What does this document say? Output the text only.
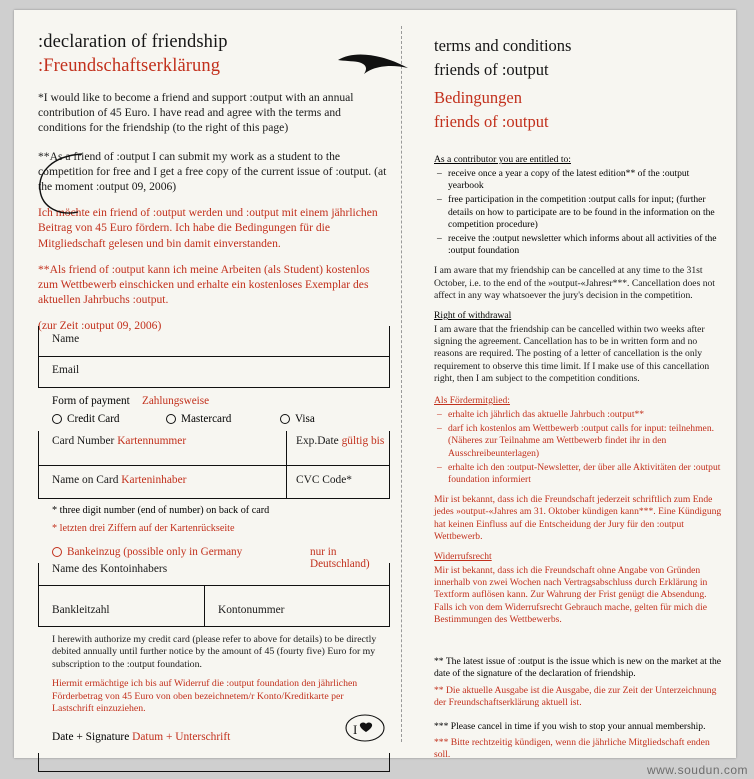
:declaration of friendship
:Freundschaftserklärung
*I would like to become a friend and support :output with an annual contribution of 45 Euro. I have read and agree with the terms and conditions for the friendship (to the right of this page)
**As a friend of :output I can submit my work as a student to the competition for free and I get a free copy of the current issue of :output. (at the moment :output 09, 2006)
Ich möchte ein friend of :output werden und :output mit einem jährlichen Beitrag von 45 Euro fördern. Ich habe die Bedingungen für die Mitgliedschaft gelesen und bin damit einverstanden.
**Als friend of :output kann ich meine Arbeiten (als Student) kostenlos zum Wettbewerb einschicken und erhalte ein kostenloses Exemplar des aktuellen Jahrbuchs :output.
(zur Zeit :output 09, 2006)
Name
Email
Form of payment Zahlungsweise
Credit Card	Mastercard	Visa
Card Number Kartennummer	Exp.Date gültig bis
Name on Card Karteninhaber	CVC Code*
* three digit number (end of number) on back of card
* letzten drei Ziffern auf der Kartenrückseite
Bankeinzug (possible only in Germany	nur in Deutschland)
Name des Kontoinhabers
Bankleitzahl	Kontonummer
I herewith authorize my credit card (please refer to above for details) to be directly debited annually until further notice by the amount of 45 (fourty five) Euro for my subscription to the :output foundation.
Hiermit ermächtige ich bis auf Widerruf die :output foundation den jährlichen Förderbetrag von 45 Euro von oben bezeichnetem/r Konto/Kreditkarte per Lastschrift einzuziehen.
Date + Signature Datum + Unterschrift
I
terms and conditions
friends of :output
Bedingungen
friends of :output
As a contributor you are entitled to:
– receive once a year a copy of the latest edition** of the :output yearbook
– free participation in the competition :output calls for input; (further details on how to participate are to be found in the information on the competition procedure)
– receive the :output newsletter which informs about all activities of the :output foundation
I am aware that my friendship can be cancelled at any time to the 31st October, i.e. to the end of the »output-«Jahresr***. Cancellation does not affect in any way whatsoever the jury's decision in the competition.
Right of withdrawal
I am aware that the friendship can be cancelled within two weeks after signing the agreement. Cancellation has to be in written form and no reasons are required. The posting of a letter of cancellation is the only requirement to observe this time limit. If I make use of this cancellation right, then I am subject to the competition conditions.
Als Fördermitglied:
– erhalte ich jährlich das aktuelle Jahrbuch :output**
– darf ich kostenlos am Wettbewerb :output calls for input: teilnehmen. (Näheres zur Teilnahme am Wettbewerb findet ihr in den Ausschreibeunterlagen)
– erhalte ich den :output-Newsletter, der über alle Aktivitäten der :output foundation informiert
Mir ist bekannt, dass ich die Freundschaft jederzeit schriftlich zum Ende jedes »output-«Jahres am 31. Oktober kündigen kann***. Eine Kündigung hat keinen Einfluss auf die Entscheidung der Jury für den :output Wettbewerb.
Widerrufsrecht
Mir ist bekannt, dass ich die Freundschaft ohne Angabe von Gründen innerhalb von zwei Wochen nach Vertragsabschluss durch Erklärung in Textform auflösen kann. Zur Wahrung der Frist genügt die Absendung. Falls ich von dem Widerrufsrecht Gebrauch mache, gelten für mich die Bestimmungen des Wettbewerbs.
** The latest issue of :output is the issue which is new on the market at the date of the signature of the declaration of friendship.
** Die aktuelle Ausgabe ist die Ausgabe, die zur Zeit der Unterzeichnung der Freundschaftserklärung aktuell ist.
*** Please cancel in time if you wish to stop your annual membership.
*** Bitte rechtzeitig kündigen, wenn die jährliche Mitgliedschaft enden soll.
www.soudun.com
